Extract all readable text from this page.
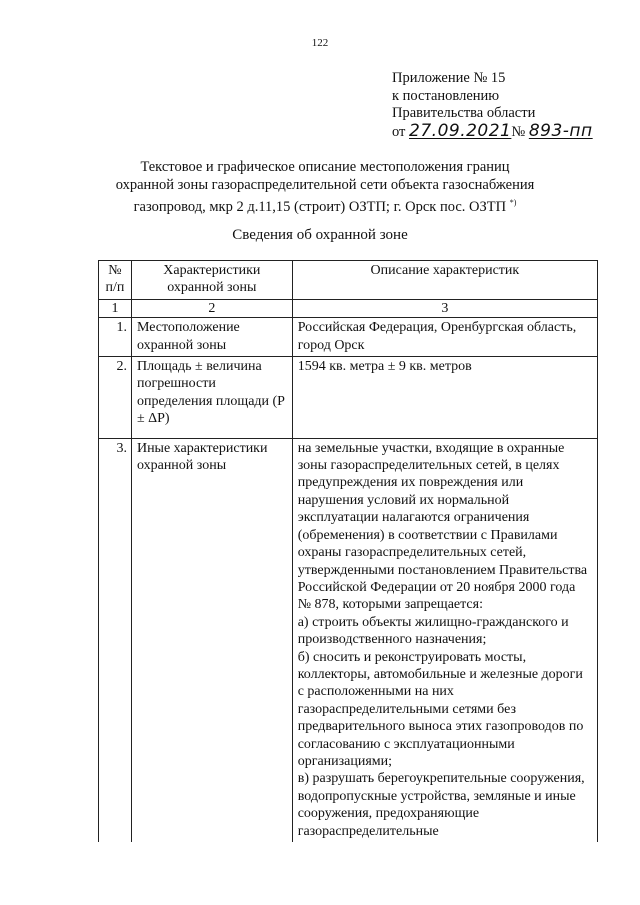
122
Приложение № 15
к постановлению
Правительства области
от 27.09.2021№ 893-пп
Текстовое и графическое описание местоположения границ
охранной зоны газораспределительной сети объекта газоснабжения
газопровод, мкр 2 д.11,15 (строит) ОЗТП; г. Орск пос. ОЗТП *)
Сведения об охранной зоне
№ п/п	Характеристики охранной зоны	Описание характеристик
1	2	3
1.	Местоположение охранной зоны	Российская Федерация, Оренбургская область, город Орск

2.	Площадь ± величина погрешности определения площади (Р ± ΔР)	1594 кв. метра ± 9 кв. метров

3.	Иные характеристики охранной зоны	на земельные участки, входящие в охранные зоны газораспределительных сетей, в целях предупреждения их повреждения или нарушения условий их нормальной эксплуатации налагаются ограничения (обременения) в соответствии с Правилами охраны газораспределительных сетей, утвержденными постановлением Правительства Российской Федерации от 20 ноября 2000 года № 878, которыми запрещается:

а) строить объекты жилищно-гражданского и производственного назначения;

б) сносить и реконструировать мосты, коллекторы, автомобильные и железные дороги с расположенными на них газораспределительными сетями без предварительного выноса этих газопроводов по согласованию с эксплуатационными организациями;

в) разрушать берегоукрепительные сооружения, водопропускные устройства, земляные и иные сооружения, предохраняющие газораспределительные
